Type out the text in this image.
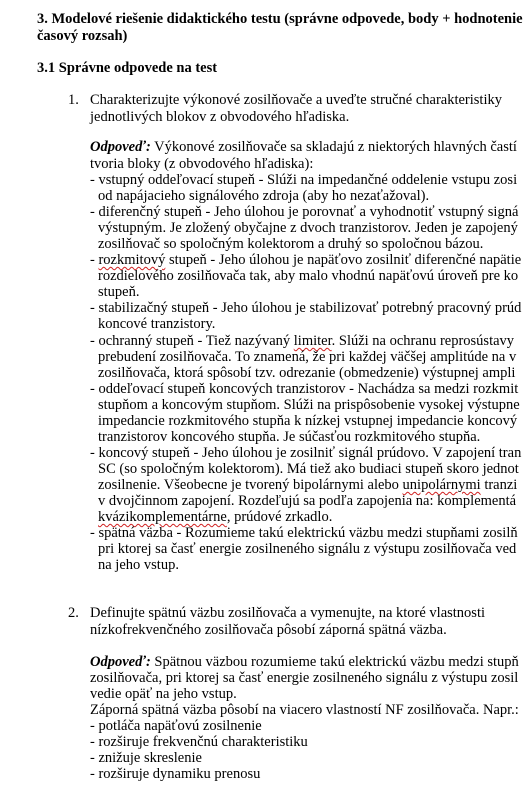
3. Modelové riešenie didaktického testu (správne odpovede, body + hodnotenie
časový rozsah)
3.1 Správne odpovede na test
1. Charakterizujte výkonové zosilňovače a uveďte stručné charakteristiky
jednotlivých blokov z obvodového hľadiska.
Odpoveď: Výkonové zosilňovače sa skladajú z niektorých hlavných častí
tvoria bloky (z obvodového hľadiska):
- vstupný oddeľovací stupeň - Slúži na impedančné oddelenie vstupu zosi
od napájacieho signálového zdroja (aby ho nezaťažoval).
- diferenčný stupeň - Jeho úlohou je porovnať a vyhodnotiť vstupný signá
výstupným. Je zložený obyčajne z dvoch tranzistorov. Jeden je zapojený
zosilňovač so spoločným kolektorom a druhý so spoločnou bázou.
- rozkmitový stupeň - Jeho úlohou je napäťovo zosilniť diferenčné napätie
rozdielového zosilňovača tak, aby malo vhodnú napäťovú úroveň pre ko
stupeň.
- stabilizačný stupeň - Jeho úlohou je stabilizovať potrebný pracovný prúd
koncové tranzistory.
- ochranný stupeň - Tiež nazývaný limiter. Slúži na ochranu reprosústavy
prebudení zosilňovača. To znamená, že pri každej väčšej amplitúde na v
zosilňovača, ktorá spôsobí tzv. odrezanie (obmedzenie) výstupnej ampli
- oddeľovací stupeň koncových tranzistorov - Nachádza sa medzi rozkmit
stupňom a koncovým stupňom. Slúži na prispôsobenie vysokej výstupne
impedancie rozkmitového stupňa k nízkej vstupnej impedancie koncový
tranzistorov koncového stupňa. Je súčasťou rozkmitového stupňa.
- koncový stupeň - Jeho úlohou je zosilniť signál prúdovo. V zapojení tran
SC (so spoločným kolektorom). Má tiež ako budiaci stupeň skoro jednot
zosilnenie. Všeobecne je tvorený bipolárnymi alebo unipolárnymi tranzi
v dvojčinnom zapojení. Rozdeľujú sa podľa zapojenia na: komplementá
kvázikomplementárne, prúdové zrkadlo.
- spätná väzba - Rozumieme takú elektrickú väzbu medzi stupňami zosilň
pri ktorej sa časť energie zosilneného signálu z výstupu zosilňovača ved
na jeho vstup.
2. Definujte spätnú väzbu zosilňovača a vymenujte, na ktoré vlastnosti
nízkofrekvenčného zosilňovača pôsobí záporná spätná väzba.
Odpoveď: Spätnou väzbou rozumieme takú elektrickú väzbu medzi stupň
zosilňovača, pri ktorej sa časť energie zosilneného signálu z výstupu zosil
vedie opäť na jeho vstup.
Záporná spätná väzba pôsobí na viacero vlastností NF zosilňovača. Napr.:
- potláča napäťovú zosilnenie
- rozširuje frekvenčnú charakteristiku
- znižuje skreslenie
- rozširuje dynamiku prenosu
